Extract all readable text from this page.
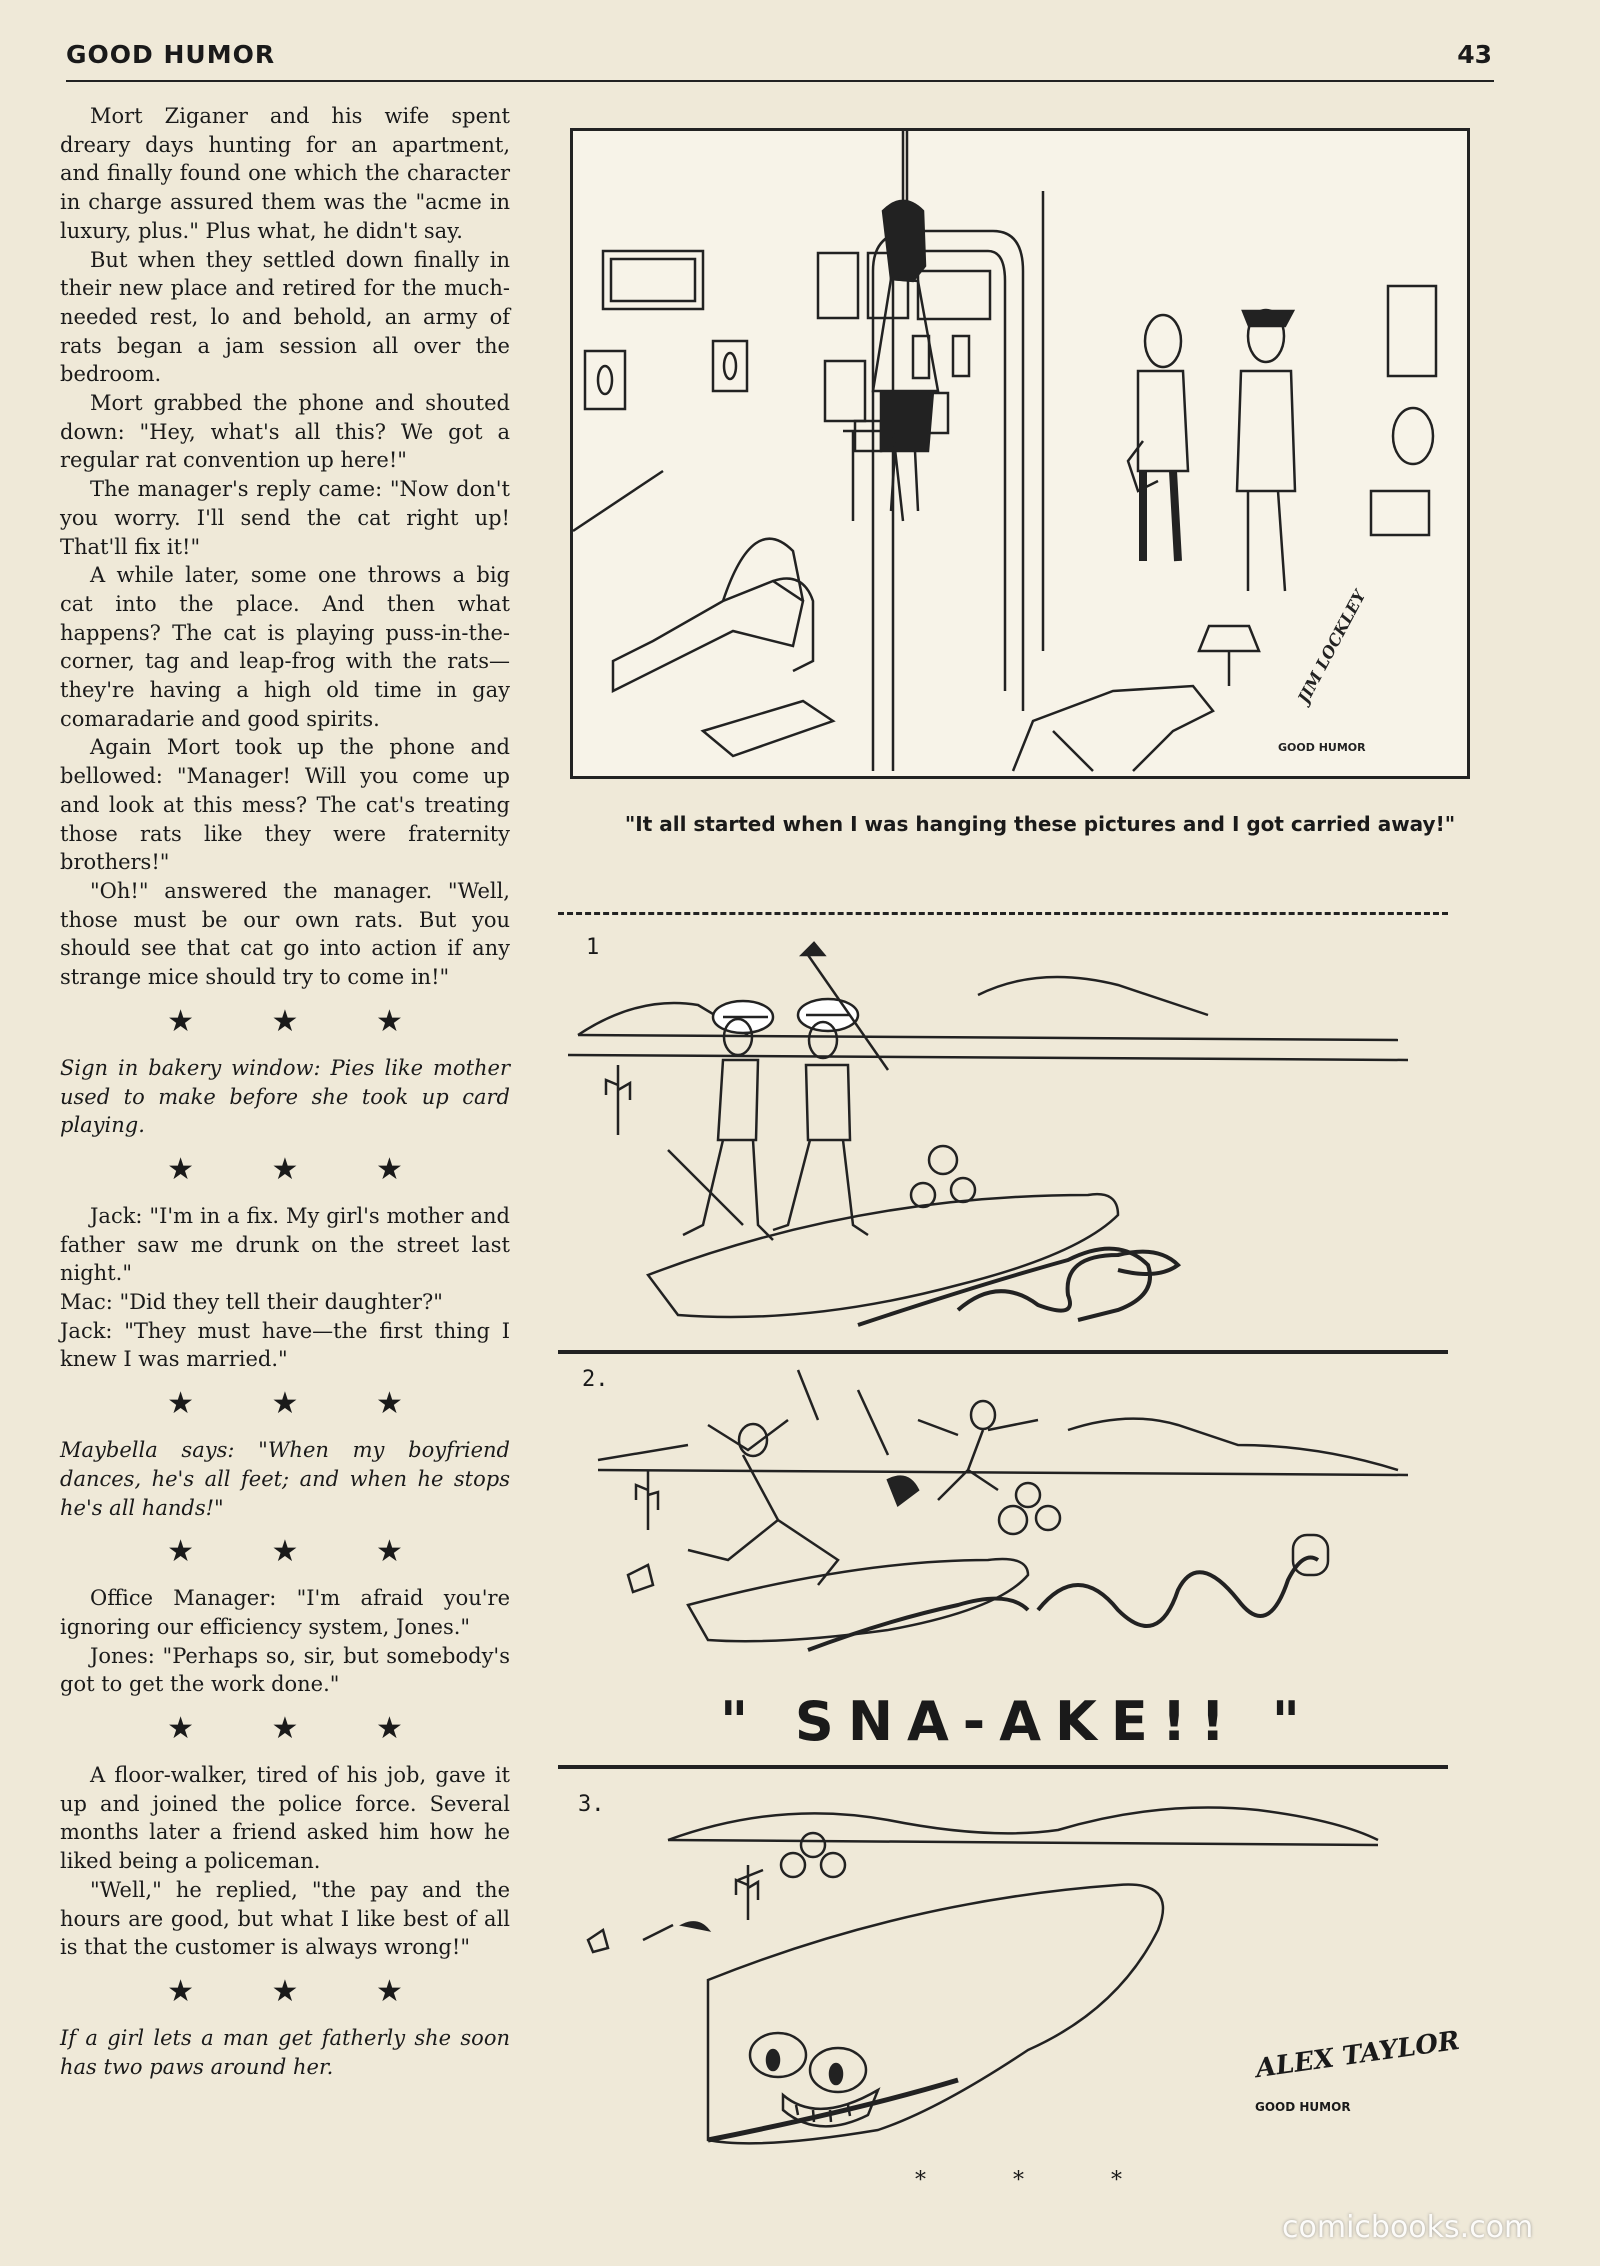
GOOD HUMOR	43

Mort Ziganer and his wife spent dreary days hunting for an apartment, and finally found one which the character in charge assured them was the "acme in luxury, plus." Plus what, he didn't say.

But when they settled down finally in their new place and retired for the much-needed rest, lo and behold, an army of rats began a jam session all over the bedroom.

Mort grabbed the phone and shouted down: "Hey, what's all this? We got a regular rat convention up here!"

The manager's reply came: "Now don't you worry. I'll send the cat right up! That'll fix it!"

A while later, some one throws a big cat into the place. And then what happens? The cat is playing puss-in-the-corner, tag and leap-frog with the rats—they're having a high old time in gay comaradarie and good spirits.

Again Mort took up the phone and bellowed: "Manager! Will you come up and look at this mess? The cat's treating those rats like they were fraternity brothers!"

"Oh!" answered the manager. "Well, those must be our own rats. But you should see that cat go into action if any strange mice should try to come in!"

★ ★ ★

Sign in bakery window: Pies like mother used to make before she took up card playing.

★ ★ ★

Jack: "I'm in a fix. My girl's mother and father saw me drunk on the street last night."

Mac: "Did they tell their daughter?"

Jack: "They must have—the first thing I knew I was married."

★ ★ ★

Maybella says: "When my boyfriend dances, he's all feet; and when he stops he's all hands!"

★ ★ ★

Office Manager: "I'm afraid you're ignoring our efficiency system, Jones."

Jones: "Perhaps so, sir, but somebody's got to get the work done."

★ ★ ★

A floor-walker, tired of his job, gave it up and joined the police force. Several months later a friend asked him how he liked being a policeman.

"Well," he replied, "the pay and the hours are good, but what I like best of all is that the customer is always wrong!"

★ ★ ★

If a girl lets a man get fatherly she soon has two paws around her.

JIM LOCKLEY
GOOD HUMOR
"It all started when I was hanging these pictures and I got carried away!"
1
2.
" SNA-AKE!! "
3.
ALEX TAYLOR
GOOD HUMOR
* * *
comicbooks.com
